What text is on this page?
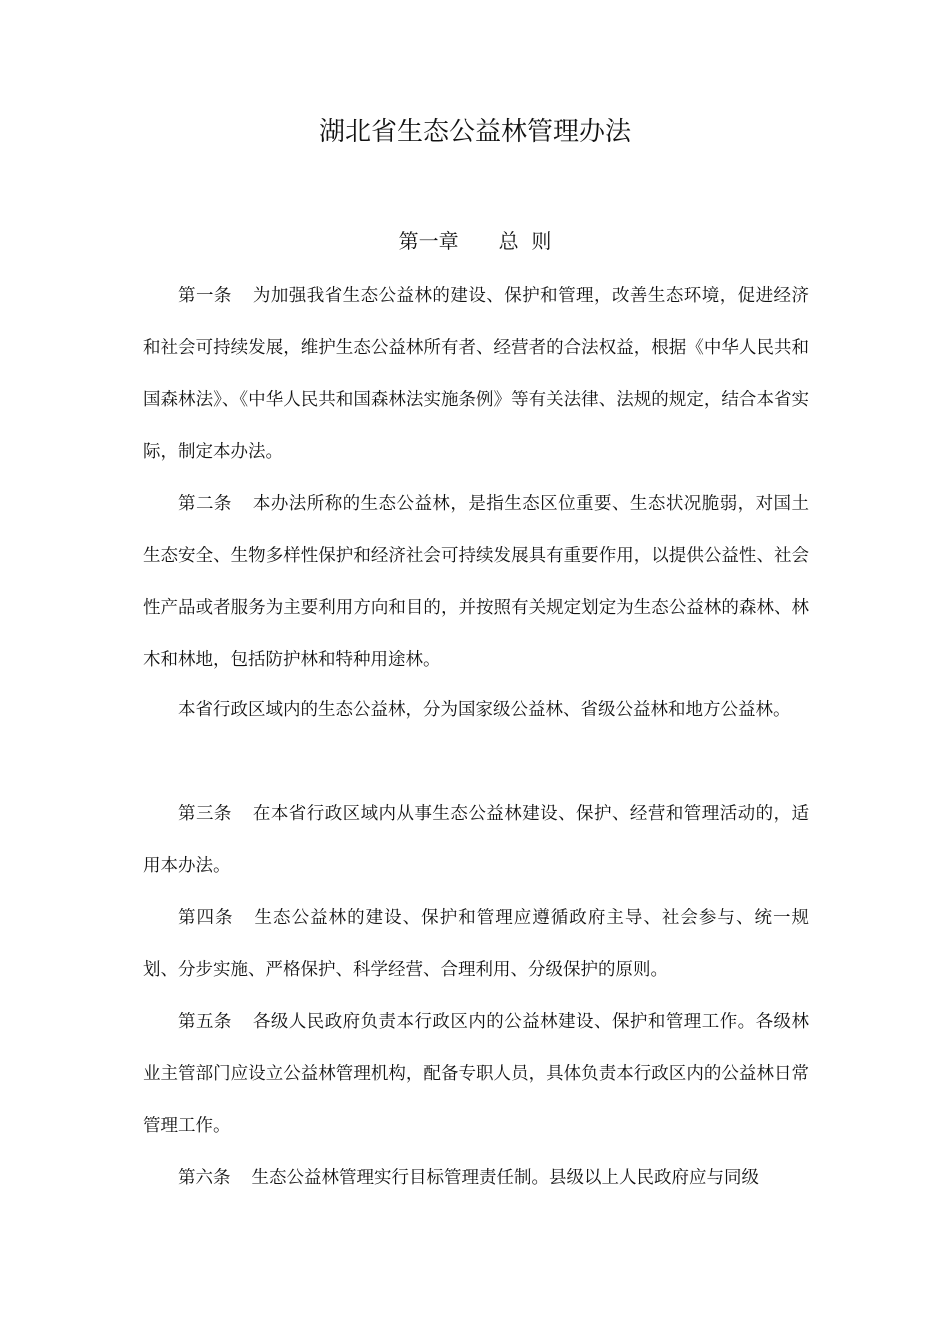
湖北省生态公益林管理办法
第一章　　总  则

第一条 为加强我省生态公益林的建设、保护和管理，改善生态环境，促进经济和社会可持续发展，维护生态公益林所有者、经营者的合法权益，根据《中华人民共和国森林法》、《中华人民共和国森林法实施条例》等有关法律、法规的规定，结合本省实际，制定本办法。

第二条 本办法所称的生态公益林，是指生态区位重要、生态状况脆弱，对国土生态安全、生物多样性保护和经济社会可持续发展具有重要作用，以提供公益性、社会性产品或者服务为主要利用方向和目的，并按照有关规定划定为生态公益林的森林、林木和林地，包括防护林和特种用途林。

本省行政区域内的生态公益林，分为国家级公益林、省级公益林和地方公益林。

第三条 在本省行政区域内从事生态公益林建设、保护、经营和管理活动的，适用本办法。

第四条 生态公益林的建设、保护和管理应遵循政府主导、社会参与、统一规划、分步实施、严格保护、科学经营、合理利用、分级保护的原则。

第五条 各级人民政府负责本行政区内的公益林建设、保护和管理工作。各级林业主管部门应设立公益林管理机构，配备专职人员，具体负责本行政区内的公益林日常管理工作。

第六条 生态公益林管理实行目标管理责任制。县级以上人民政府应与同级
